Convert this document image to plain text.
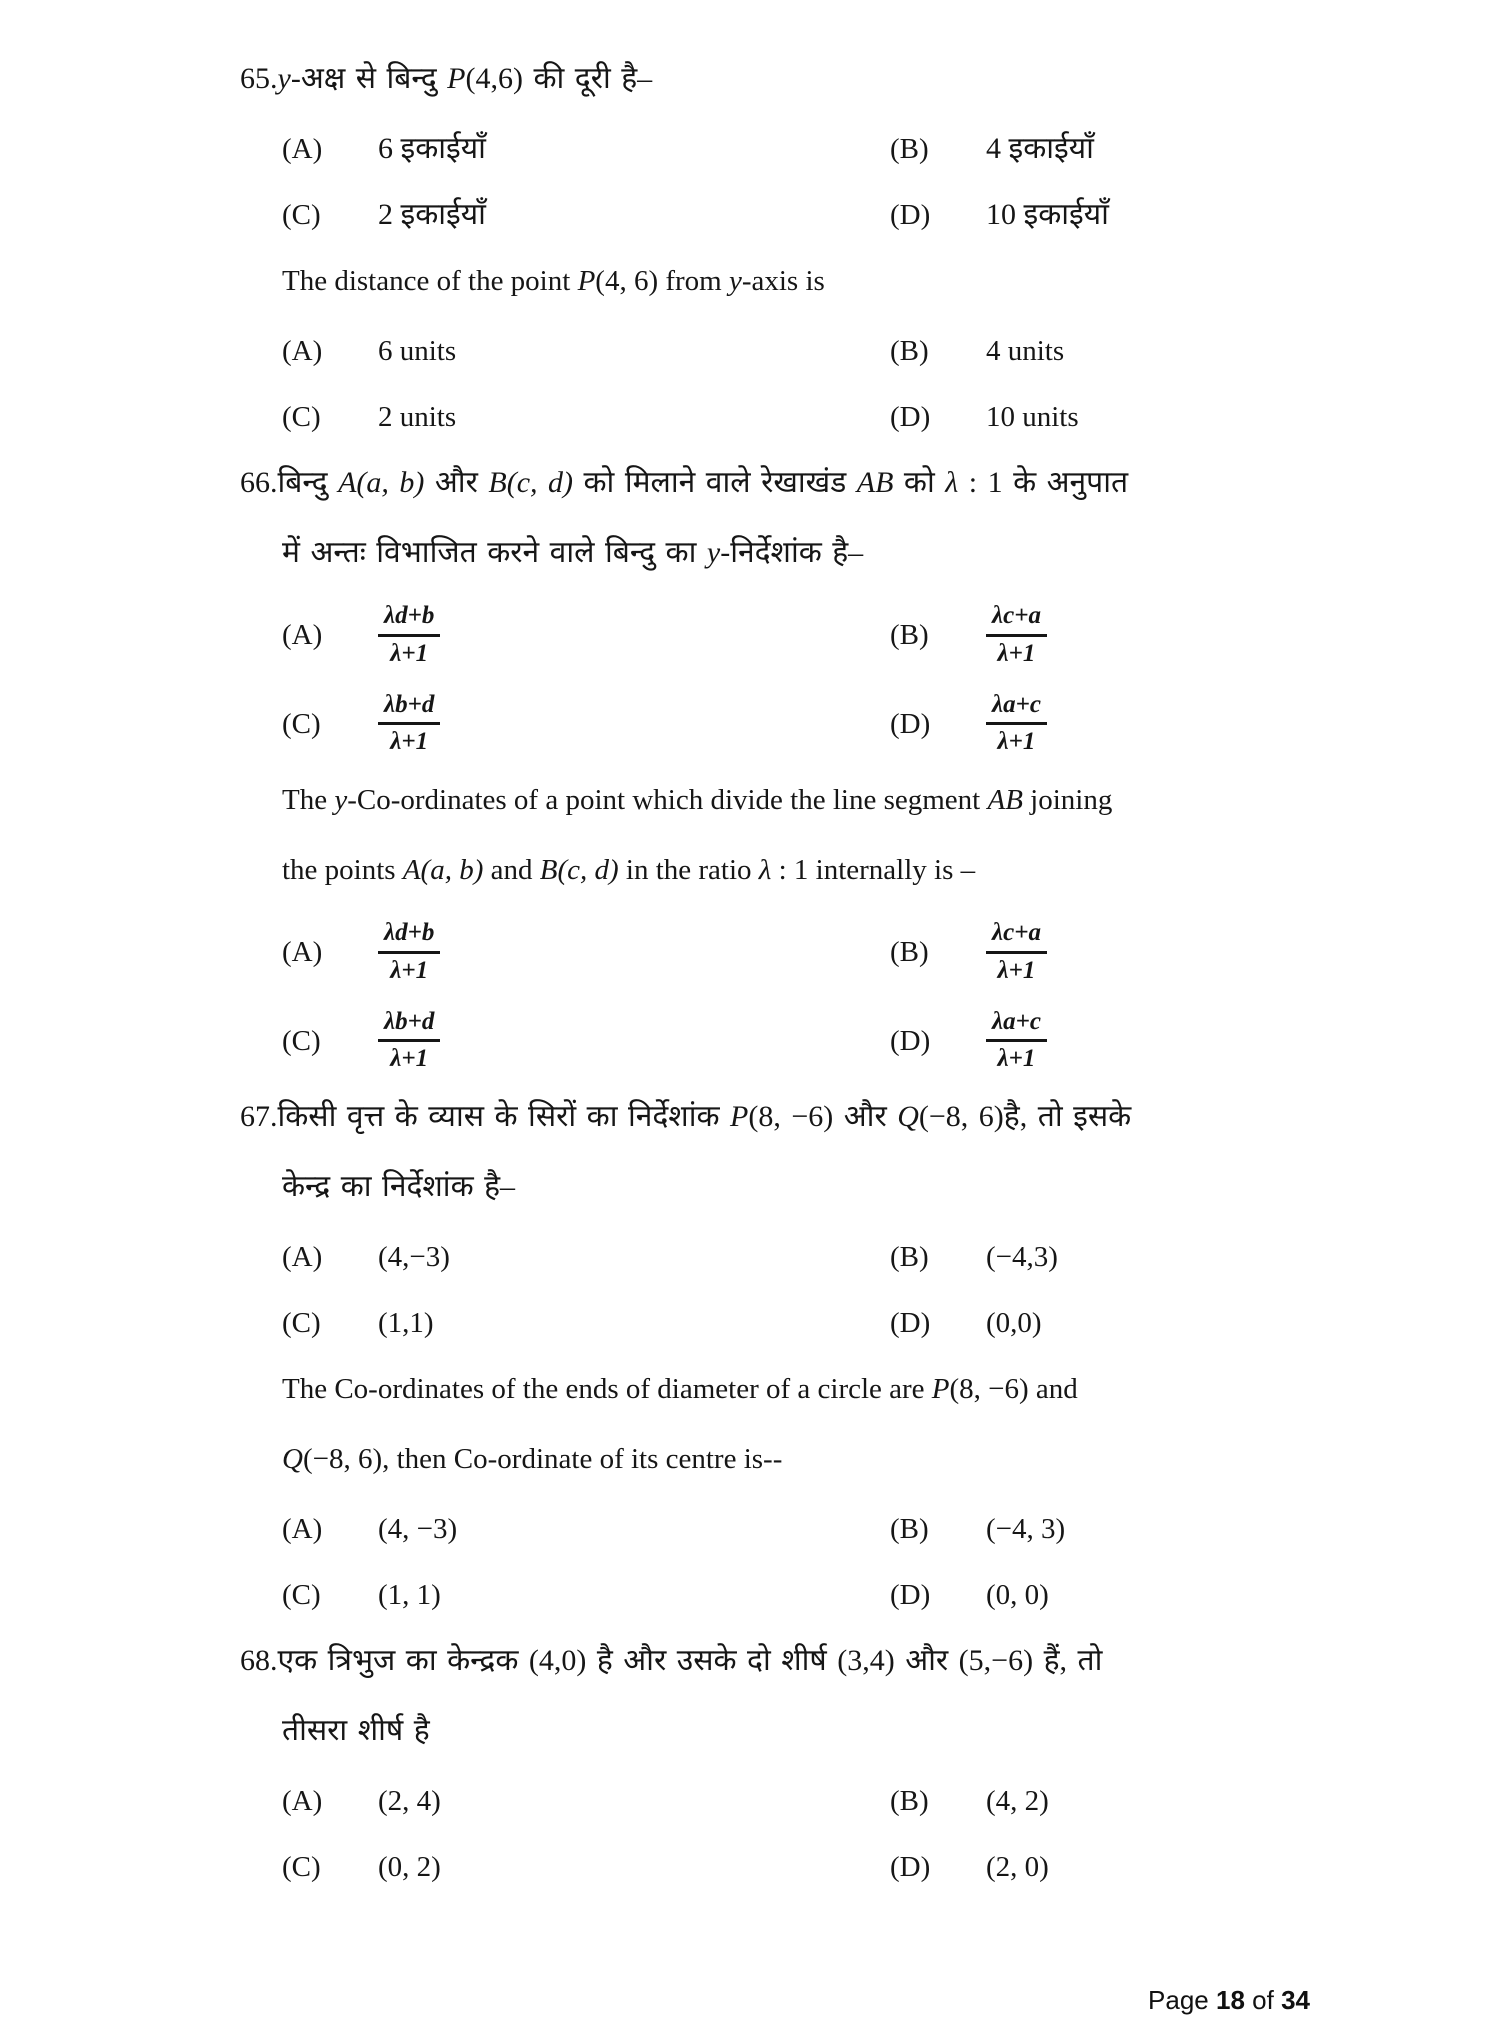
65.y-अक्ष से बिन्दु P(4,6) की दूरी है–

(A)	6 इकाईयाँ	(B)	4 इकाईयाँ
(C)	2 इकाईयाँ	(D)	10 इकाईयाँ

The distance of the point P(4, 6) from y-axis is

(A)	6 units	(B)	4 units
(C)	2 units	(D)	10 units

66.बिन्दु A(a, b) और B(c, d) को मिलाने वाले रेखाखंड AB को λ : 1 के अनुपात

में अन्तः विभाजित करने वाले बिन्दु का y-निर्देशांक है–

(A)	$\frac{\lambda d+b}{\lambda+1}$	(B)	$\frac{\lambda c+a}{\lambda+1}$
(C)	$\frac{\lambda b+d}{\lambda+1}$	(D)	$\frac{\lambda a+c}{\lambda+1}$

The y-Co-ordinates of a point which divide the line segment AB joining

the points A(a, b) and B(c, d) in the ratio λ : 1 internally is –

(A)	$\frac{\lambda d+b}{\lambda+1}$	(B)	$\frac{\lambda c+a}{\lambda+1}$
(C)	$\frac{\lambda b+d}{\lambda+1}$	(D)	$\frac{\lambda a+c}{\lambda+1}$

67.किसी वृत्त के व्यास के सिरों का निर्देशांक P(8, −6) और Q(−8, 6)है, तो इसके

केन्द्र का निर्देशांक है–

(A)	(4,−3)	(B)	(−4,3)
(C)	(1,1)	(D)	(0,0)

The Co-ordinates of the ends of diameter of a circle are P(8, −6) and

Q(−8, 6), then Co-ordinate of its centre is--

(A)	(4, −3)	(B)	(−4, 3)
(C)	(1, 1)	(D)	(0, 0)

68.एक त्रिभुज का केन्द्रक (4,0) है और उसके दो शीर्ष (3,4) और (5,−6) हैं, तो

तीसरा शीर्ष है

(A)	(2, 4)	(B)	(4, 2)
(C)	(0, 2)	(D)	(2, 0)
Page 18 of 34
